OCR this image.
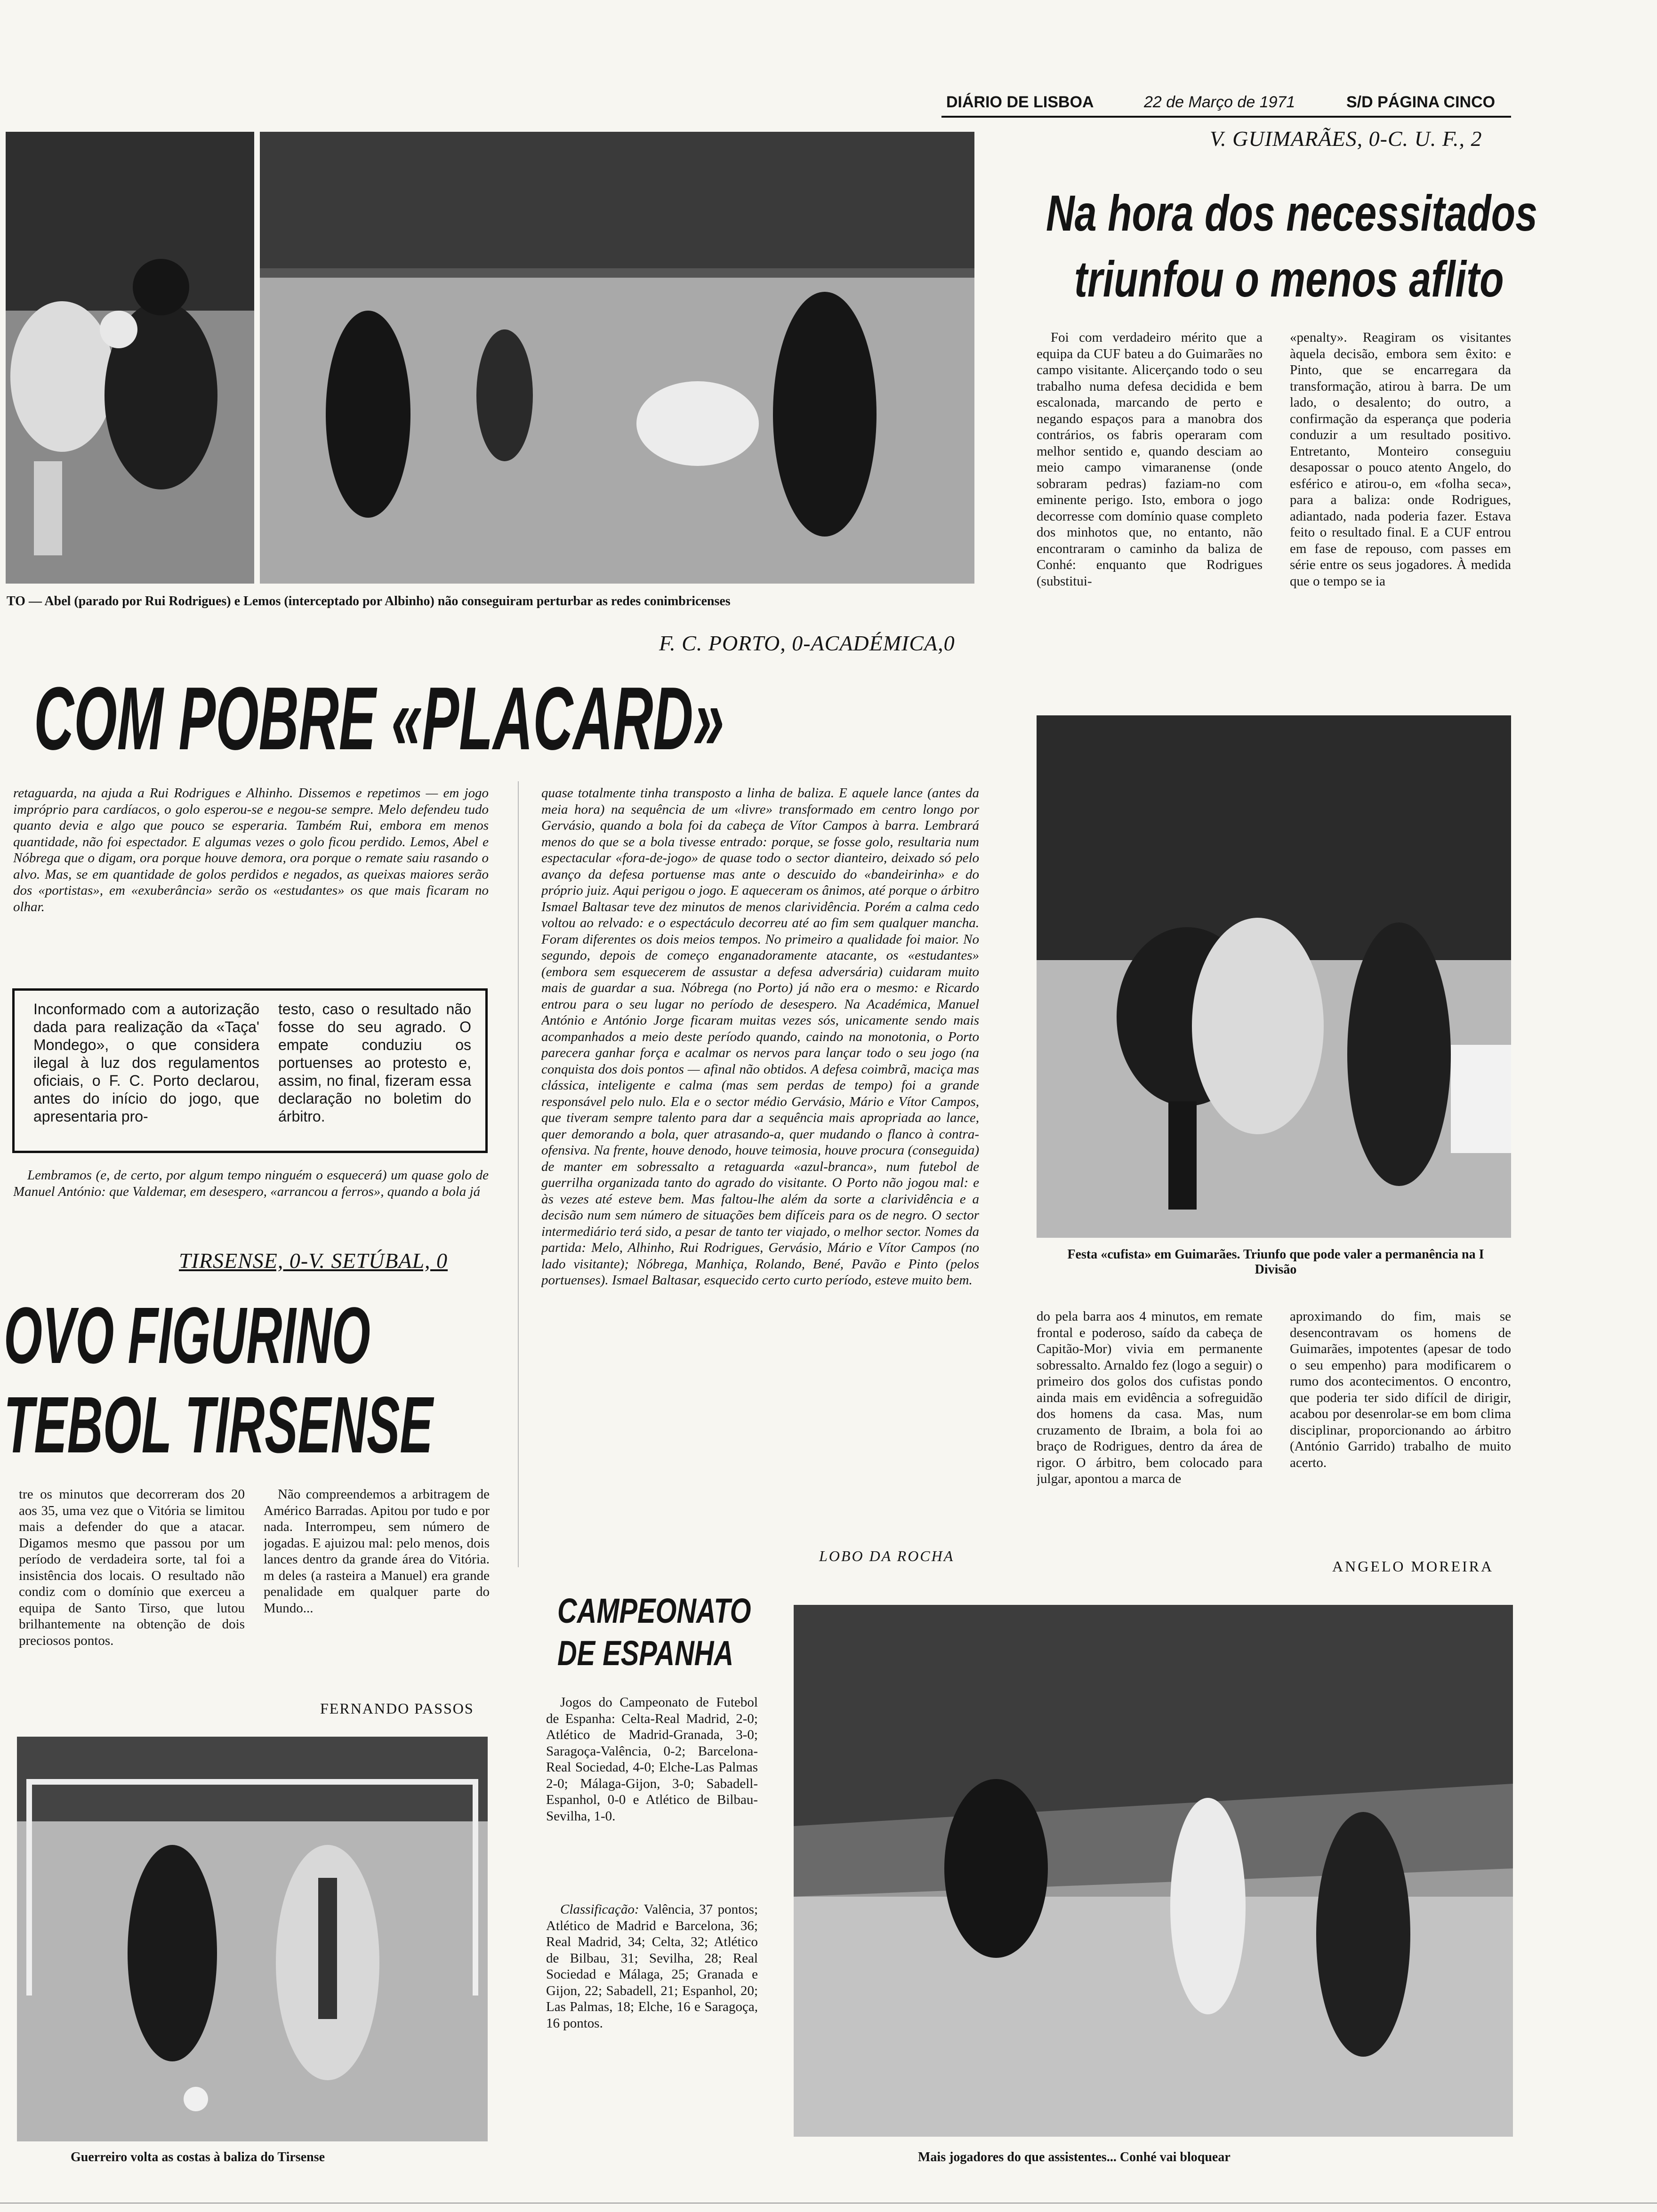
DIÁRIO DE LISBOA	22 de Março de 1971	S/D PÁGINA CINCO
TO — Abel (parado por Rui Rodrigues) e Lemos (interceptado por Albinho) não conseguiram perturbar as redes conimbricenses
F. C. PORTO, 0-ACADÉMICA,0
COM POBRE «PLACARD»

retaguarda, na ajuda a Rui Rodrigues e Alhinho. Dissemos e repetimos — em jogo impróprio para cardíacos, o golo esperou-se e negou-se sempre. Melo defendeu tudo quanto devia e algo que pouco se esperaria. Também Rui, embora em menos quantidade, não foi espectador. E algumas vezes o golo ficou perdido. Lemos, Abel e Nóbrega que o digam, ora porque houve demora, ora porque o remate saiu rasando o alvo. Mas, se em quantidade de golos perdidos e negados, as queixas maiores serão dos «portistas», em «exuberância» serão os «estudantes» os que mais ficaram no olhar.

Inconformado com a autorização dada para realização da «Taça' Mondego», o que considera ilegal à luz dos regulamentos oficiais, o F. C. Porto declarou, antes do início do jogo, que apresentaria pro-
testo, caso o resultado não fosse do seu agrado. O empate conduziu os portuenses ao protesto e, assim, no final, fizeram essa declaração no boletim do árbitro.

Lembramos (e, de certo, por algum tempo ninguém o esquecerá) um quase golo de Manuel António: que Valdemar, em desespero, «arrancou a ferros», quando a bola já

quase totalmente tinha transposto a linha de baliza. E aquele lance (antes da meia hora) na sequência de um «livre» transformado em centro longo por Gervásio, quando a bola foi da cabeça de Vítor Campos à barra. Lembrará menos do que se a bola tivesse entrado: porque, se fosse golo, resultaria num espectacular «fora-de-jogo» de quase todo o sector dianteiro, deixado só pelo avanço da defesa portuense mas ante o descuido do «bandeirinha» e do próprio juiz. Aqui perigou o jogo. E aqueceram os ânimos, até porque o árbitro Ismael Baltasar teve dez minutos de menos clarividência. Porém a calma cedo voltou ao relvado: e o espectáculo decorreu até ao fim sem qualquer mancha. Foram diferentes os dois meios tempos. No primeiro a qualidade foi maior. No segundo, depois de começo enganadoramente atacante, os «estudantes» (embora sem esquecerem de assustar a defesa adversária) cuidaram muito mais de guardar a sua. Nóbrega (no Porto) já não era o mesmo: e Ricardo entrou para o seu lugar no período de desespero. Na Académica, Manuel António e António Jorge ficaram muitas vezes sós, unicamente sendo mais acompanhados a meio deste período quando, caindo na monotonia, o Porto parecera ganhar força e acalmar os nervos para lançar todo o seu jogo (na conquista dos dois pontos — afinal não obtidos. A defesa coimbrã, maciça mas clássica, inteligente e calma (mas sem perdas de tempo) foi a grande responsável pelo nulo. Ela e o sector médio Gervásio, Mário e Vítor Campos, que tiveram sempre talento para dar a sequência mais apropriada ao lance, quer demorando a bola, quer atrasando-a, quer mudando o flanco à contra-ofensiva. Na frente, houve denodo, houve teimosia, houve procura (conseguida) de manter em sobressalto a retaguarda «azul-branca», num futebol de guerrilha organizada tanto do agrado do visitante. O Porto não jogou mal: e às vezes até esteve bem. Mas faltou-lhe além da sorte a clarividência e a decisão num sem número de situações bem difíceis para os de negro. O sector intermediário terá sido, a pesar de tanto ter viajado, o melhor sector. Nomes da partida: Melo, Alhinho, Rui Rodrigues, Gervásio, Mário e Vítor Campos (no lado visitante); Nóbrega, Manhiça, Rolando, Bené, Pavão e Pinto (pelos portuenses). Ismael Baltasar, esquecido certo curto período, esteve muito bem.

LOBO DA ROCHA
TIRSENSE, 0-V. SETÚBAL, 0
OVO FIGURINO
TEBOL TIRSENSE

tre os minutos que decorreram dos 20 aos 35, uma vez que o Vitória se limitou mais a defender do que a atacar. Digamos mesmo que passou por um período de verdadeira sorte, tal foi a insistência dos locais. O resultado não condiz com o domínio que exerceu a equipa de Santo Tirso, que lutou brilhantemente na obtenção de dois preciosos pontos.

Não compreendemos a arbitragem de Américo Barradas. Apitou por tudo e por nada. Interrompeu, sem número de jogadas. E ajuizou mal: pelo menos, dois lances dentro da grande área do Vitória. m deles (a rasteira a Manuel) era grande penalidade em qualquer parte do Mundo...

FERNANDO PASSOS
Guerreiro volta as costas à baliza do Tirsense
V. GUIMARÃES, 0-C. U. F., 2
Na hora dos necessitados
triunfou o menos aflito

Foi com verdadeiro mérito que a equipa da CUF bateu a do Guimarães no campo visitante. Alicerçando todo o seu trabalho numa defesa decidida e bem escalonada, marcando de perto e negando espaços para a manobra dos contrários, os fabris operaram com melhor sentido e, quando desciam ao meio campo vimaranense (onde sobraram pedras) faziam-no com eminente perigo. Isto, embora o jogo decorresse com domínio quase completo dos minhotos que, no entanto, não encontraram o caminho da baliza de Conhé: enquanto que Rodrigues (substitui-

«penalty». Reagiram os visitantes àquela decisão, embora sem êxito: e Pinto, que se encarregara da transformação, atirou à barra. De um lado, o desalento; do outro, a confirmação da esperança que poderia conduzir a um resultado positivo. Entretanto, Monteiro conseguiu desapossar o pouco atento Angelo, do esférico e atirou-o, em «folha seca», para a baliza: onde Rodrigues, adiantado, nada poderia fazer. Estava feito o resultado final. E a CUF entrou em fase de repouso, com passes em série entre os seus jogadores. À medida que o tempo se ia

Festa «cufista» em Guimarães. Triunfo que pode valer a permanência na I Divisão

do pela barra aos 4 minutos, em remate frontal e poderoso, saído da cabeça de Capitão-Mor) vivia em permanente sobressalto. Arnaldo fez (logo a seguir) o primeiro dos golos dos cufistas pondo ainda mais em evidência a sofreguidão dos homens da casa. Mas, num cruzamento de Ibraim, a bola foi ao braço de Rodrigues, dentro da área de rigor. O árbitro, bem colocado para julgar, apontou a marca de

aproximando do fim, mais se desencontravam os homens de Guimarães, impotentes (apesar de todo o seu empenho) para modificarem o rumo dos acontecimentos. O encontro, que poderia ter sido difícil de dirigir, acabou por desenrolar-se em bom clima disciplinar, proporcionando ao árbitro (António Garrido) trabalho de muito acerto.

ANGELO MOREIRA
CAMPEONATO
DE ESPANHA

Jogos do Campeonato de Futebol de Espanha: Celta-Real Madrid, 2-0; Atlético de Madrid-Granada, 3-0; Saragoça-Valência, 0-2; Barcelona-Real Sociedad, 4-0; Elche-Las Palmas 2-0; Málaga-Gijon, 3-0; Sabadell-Espanhol, 0-0 e Atlético de Bilbau-Sevilha, 1-0.

Classificação: Valência, 37 pontos; Atlético de Madrid e Barcelona, 36; Real Madrid, 34; Celta, 32; Atlético de Bilbau, 31; Sevilha, 28; Real Sociedad e Málaga, 25; Granada e Gijon, 22; Sabadell, 21; Espanhol, 20; Las Palmas, 18; Elche, 16 e Saragoça, 16 pontos.

Mais jogadores do que assistentes... Conhé vai bloquear
